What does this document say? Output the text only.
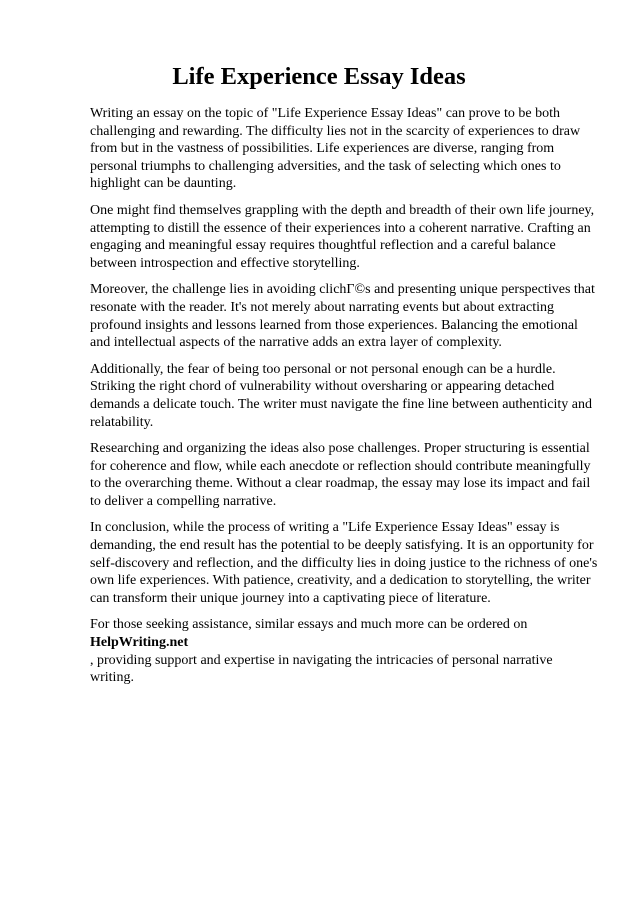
Life Experience Essay Ideas

Writing an essay on the topic of "Life Experience Essay Ideas" can prove to be both challenging and rewarding. The difficulty lies not in the scarcity of experiences to draw from but in the vastness of possibilities. Life experiences are diverse, ranging from personal triumphs to challenging adversities, and the task of selecting which ones to highlight can be daunting.

One might find themselves grappling with the depth and breadth of their own life journey, attempting to distill the essence of their experiences into a coherent narrative. Crafting an engaging and meaningful essay requires thoughtful reflection and a careful balance between introspection and effective storytelling.

Moreover, the challenge lies in avoiding clichГ©s and presenting unique perspectives that resonate with the reader. It's not merely about narrating events but about extracting profound insights and lessons learned from those experiences. Balancing the emotional and intellectual aspects of the narrative adds an extra layer of complexity.

Additionally, the fear of being too personal or not personal enough can be a hurdle. Striking the right chord of vulnerability without oversharing or appearing detached demands a delicate touch. The writer must navigate the fine line between authenticity and relatability.

Researching and organizing the ideas also pose challenges. Proper structuring is essential for coherence and flow, while each anecdote or reflection should contribute meaningfully to the overarching theme. Without a clear roadmap, the essay may lose its impact and fail to deliver a compelling narrative.

In conclusion, while the process of writing a "Life Experience Essay Ideas" essay is demanding, the end result has the potential to be deeply satisfying. It is an opportunity for self-discovery and reflection, and the difficulty lies in doing justice to the richness of one's own life experiences. With patience, creativity, and a dedication to storytelling, the writer can transform their unique journey into a captivating piece of literature.

For those seeking assistance, similar essays and much more can be ordered on HelpWriting.net
, providing support and expertise in navigating the intricacies of personal narrative writing.
